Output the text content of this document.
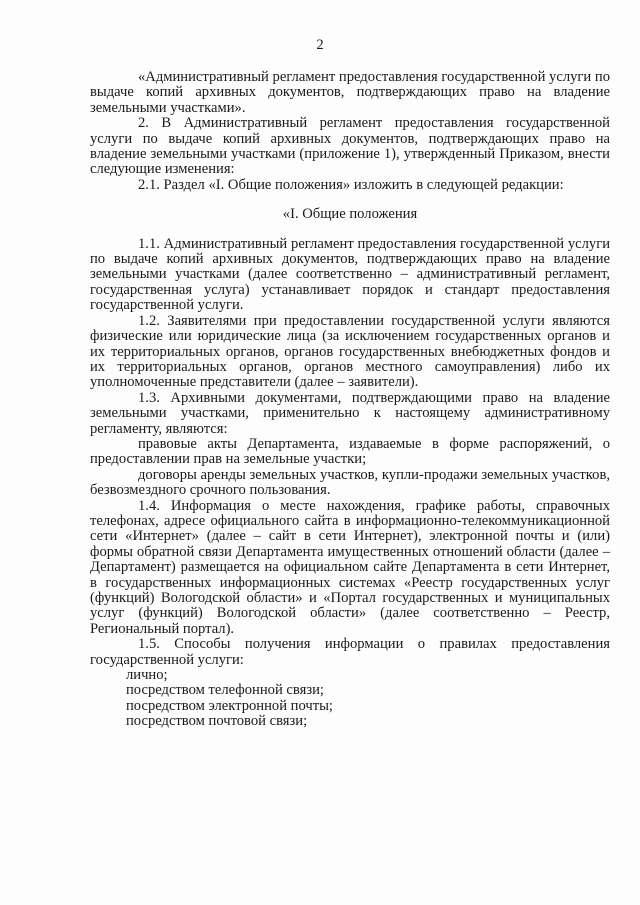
2

«Административный регламент предоставления государственной услуги по выдаче копий архивных документов, подтверждающих право на владение земельными участками».

2. В Административный регламент предоставления государственной услуги по выдаче копий архивных документов, подтверждающих право на владение земельными участками (приложение 1), утвержденный Приказом, внести следующие изменения:

2.1. Раздел «I. Общие положения» изложить в следующей редакции:

«I. Общие положения

1.1. Административный регламент предоставления государственной услуги по выдаче копий архивных документов, подтверждающих право на владение земельными участками (далее соответственно – административный регламент, государственная услуга) устанавливает порядок и стандарт предоставления государственной услуги.

1.2. Заявителями при предоставлении государственной услуги являются физические или юридические лица (за исключением государственных органов и их территориальных органов, органов государственных внебюджетных фондов и их территориальных органов, органов местного самоуправления) либо их уполномоченные представители (далее – заявители).

1.3. Архивными документами, подтверждающими право на владение земельными участками, применительно к настоящему административному регламенту, являются:

правовые акты Департамента, издаваемые в форме распоряжений, о предоставлении прав на земельные участки;

договоры аренды земельных участков, купли-продажи земельных участков, безвозмездного срочного пользования.

1.4. Информация о месте нахождения, графике работы, справочных телефонах, адресе официального сайта в информационно-телекоммуникационной сети «Интернет» (далее – сайт в сети Интернет), электронной почты и (или) формы обратной связи Департамента имущественных отношений области (далее – Департамент) размещается на официальном сайте Департамента в сети Интернет, в государственных информационных системах «Реестр государственных услуг (функций) Вологодской области» и «Портал государственных и муниципальных услуг (функций) Вологодской области» (далее соответственно – Реестр, Региональный портал).

1.5. Способы получения информации о правилах предоставления государственной услуги:

лично;

посредством телефонной связи;

посредством электронной почты;

посредством почтовой связи;
